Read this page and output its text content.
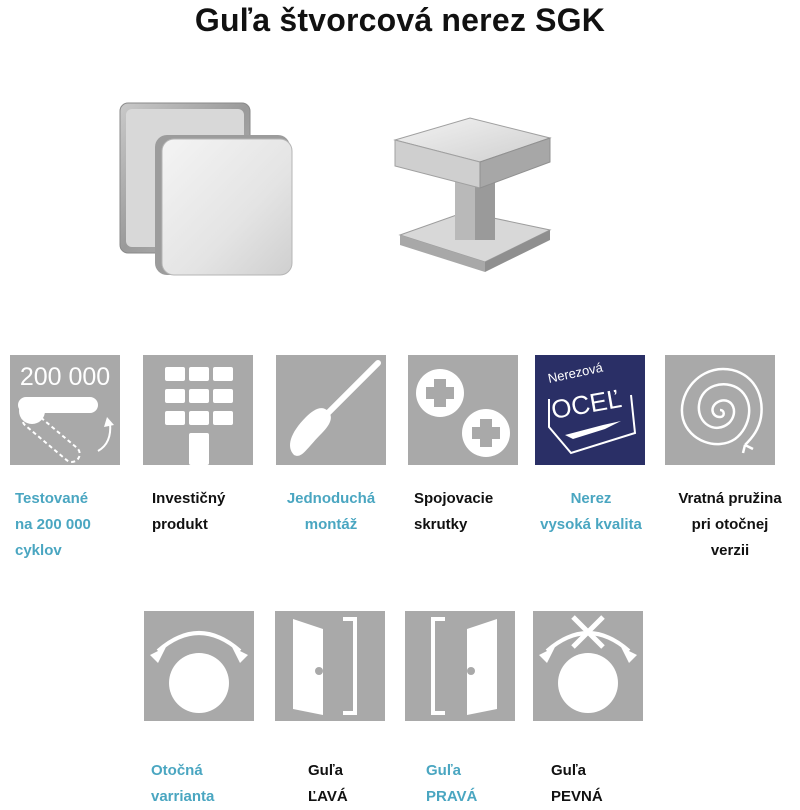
Guľa štvorcová nerez SGK
200 000	Nerezová
OCEĽ
Testované
na 200 000
cyklov
Investičný
produkt
Jednoduchá
montáž
Spojovacie
skrutky
Nerez
vysoká kvalita
Vratná pružina
pri otočnej
verzii
Otočná
varrianta
Guľa
ĽAVÁ
Guľa
PRAVÁ
Guľa
PEVNÁ
